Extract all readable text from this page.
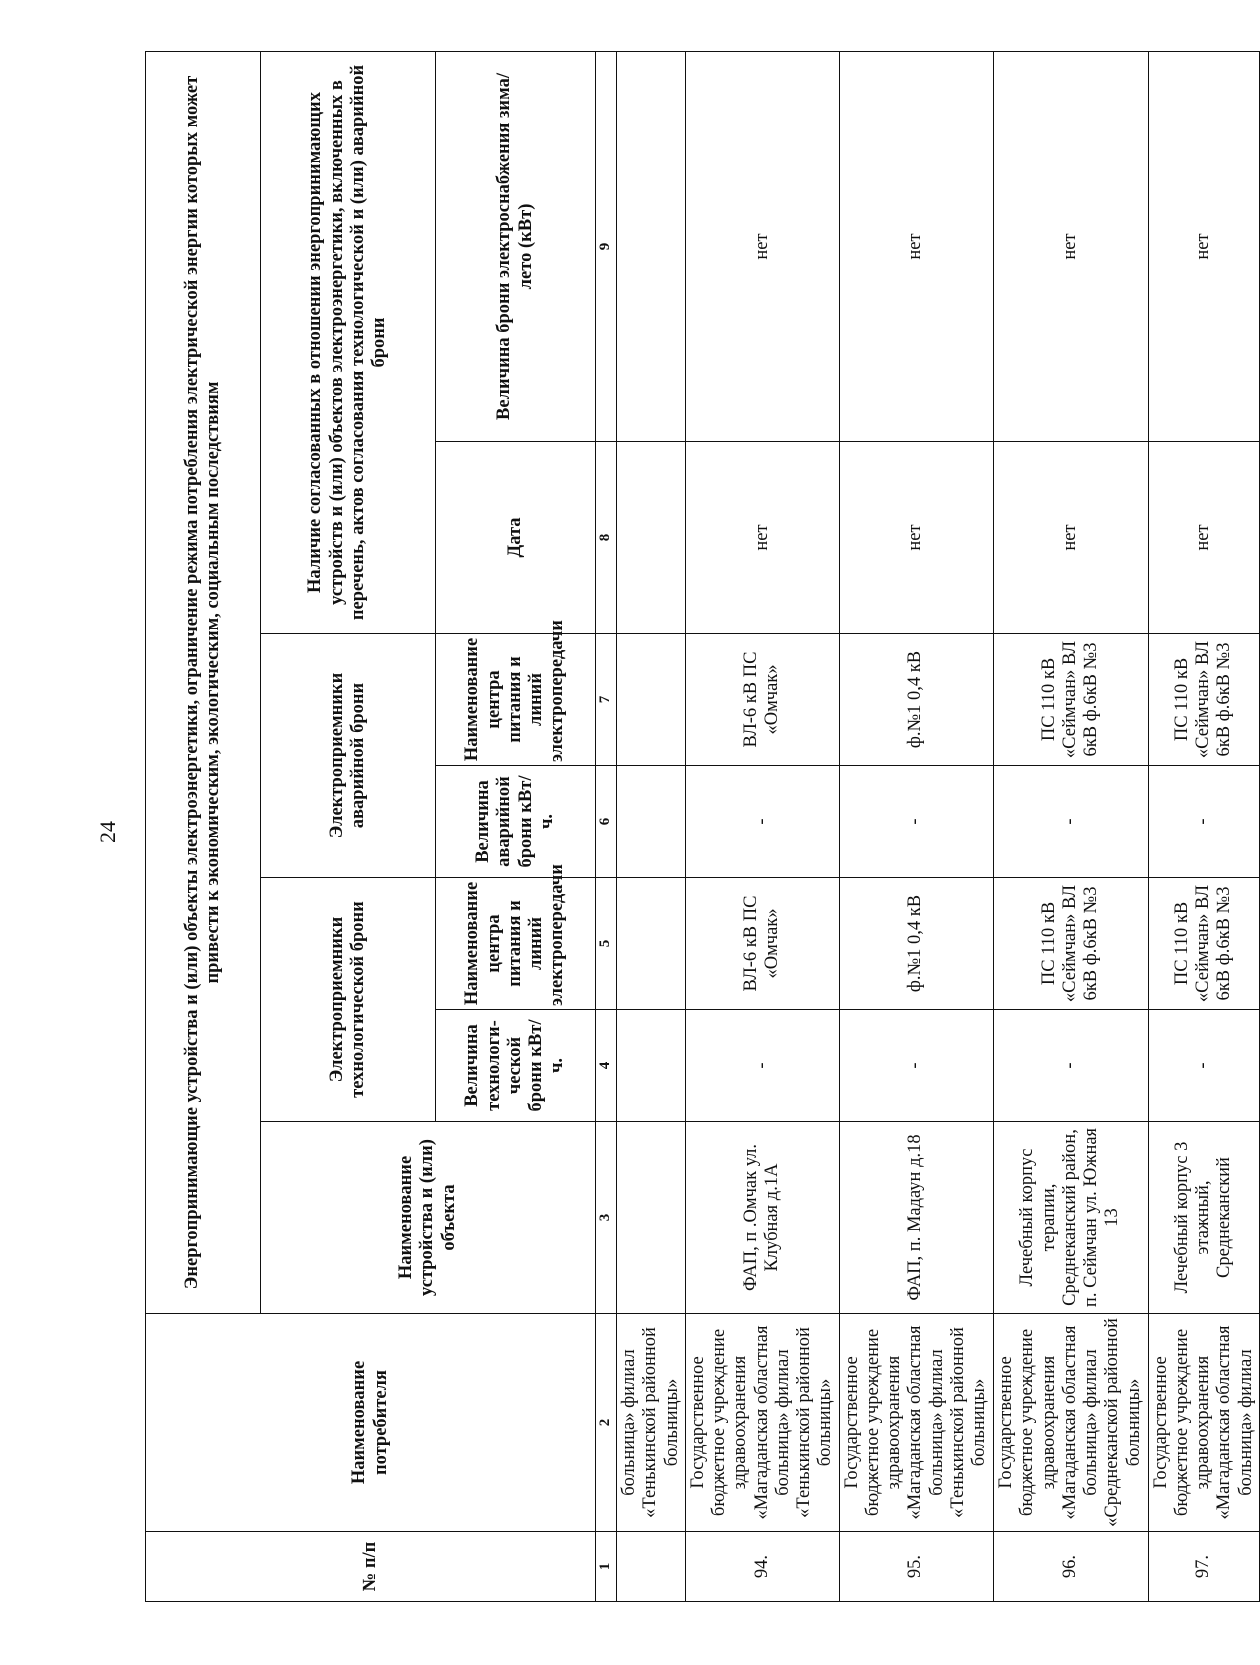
24
№ п/п	Наименование потребителя	Энергопринимающие устройства и (или) объекты электроэнергетики, ограничение режима потребления электрической энергии которых может привести к экономическим, экологическим, социальным последствиям						
		Наименование устройства и (или) объекта	Электроприемники технологической брони		Электроприемники аварийной брони		Наличие согласованных в отношении энергопринимающих устройств и (или) объектов электроэнергетики, включенных в перечень, актов согласования технологической и (или) аварийной брони	
			Величина технологи-ческой брони кВт/ч.	Наименование центра питания и линий электропередачи	Величина аварийной брони кВт/ч.	Наименование центра питания и линий электропередачи	Дата	Величина брони электроснабжения зима/лето (кВт)
1	2	3	4	5	6	7	8	9
	больница» филиал «Тенькинской районной больницы»							
94.	Государственное бюджетное учреждение здравоохранения «Магаданская областная больница» филиал «Тенькинской районной больницы»	ФАП, п .Омчак ул. Клубная д.1А	-	ВЛ-6 кВ ПС «Омчак»	-	ВЛ-6 кВ ПС «Омчак»	нет	нет
95.	Государственное бюджетное учреждение здравоохранения «Магаданская областная больница» филиал «Тенькинской районной больницы»	ФАП, п. Мадаун д.18	-	ф.№1 0,4 кВ	-	ф.№1 0,4 кВ	нет	нет
96.	Государственное бюджетное учреждение здравоохранения «Магаданская областная больница» филиал «Среднеканской районной больницы»	Лечебный корпус терапии, Среднеканский район, п. Сеймчан ул. Южная 13	-	ПС 110 кВ «Сеймчан» ВЛ 6кВ ф.6кВ №3	-	ПС 110 кВ «Сеймчан» ВЛ 6кВ ф.6кВ №3	нет	нет
97.	Государственное бюджетное учреждение здравоохранения «Магаданская областная больница» филиал	Лечебный корпус 3 этажный, Среднеканский	-	ПС 110 кВ «Сеймчан» ВЛ 6кВ ф.6кВ №3	-	ПС 110 кВ «Сеймчан» ВЛ 6кВ ф.6кВ №3	нет	нет
